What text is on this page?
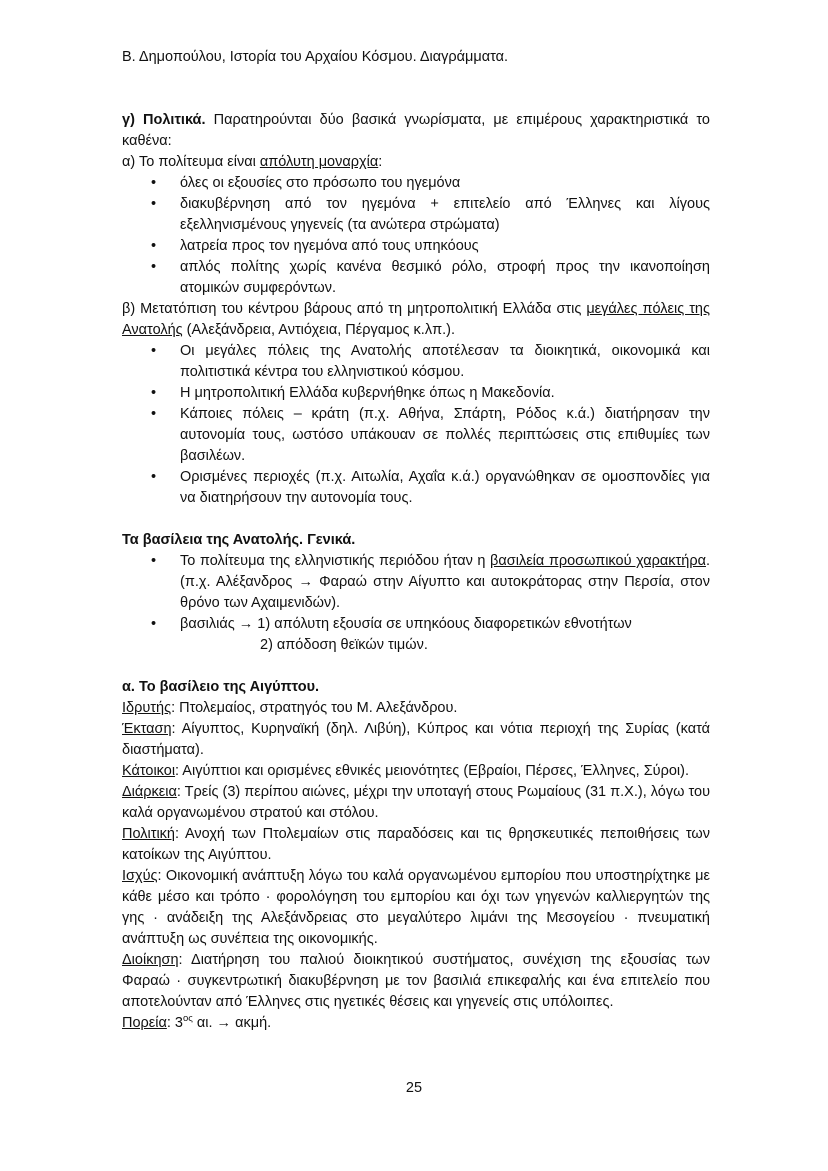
Β. Δημοπούλου, Ιστορία του Αρχαίου Κόσμου. Διαγράμματα.

γ) Πολιτικά. Παρατηρούνται δύο βασικά γνωρίσματα, με επιμέρους χαρακτηριστικά το καθένα:

α) Το πολίτευμα είναι απόλυτη μοναρχία:

• όλες οι εξουσίες στο πρόσωπο του ηγεμόνα
• διακυβέρνηση από τον ηγεμόνα + επιτελείο από Έλληνες και λίγους εξελληνισμένους γηγενείς (τα ανώτερα στρώματα)
• λατρεία προς τον ηγεμόνα από τους υπηκόους
• απλός πολίτης χωρίς κανένα θεσμικό ρόλο, στροφή προς την ικανοποίηση ατομικών συμφερόντων.

β) Μετατόπιση του κέντρου βάρους από τη μητροπολιτική Ελλάδα στις μεγάλες πόλεις της Ανατολής (Αλεξάνδρεια, Αντιόχεια, Πέργαμος κ.λπ.).

• Οι μεγάλες πόλεις της Ανατολής αποτέλεσαν τα διοικητικά, οικονομικά και πολιτιστικά κέντρα του ελληνιστικού κόσμου.
• Η μητροπολιτική Ελλάδα κυβερνήθηκε όπως η Μακεδονία.
• Κάποιες πόλεις – κράτη (π.χ. Αθήνα, Σπάρτη, Ρόδος κ.ά.) διατήρησαν την αυτονομία τους, ωστόσο υπάκουαν σε πολλές περιπτώσεις στις επιθυμίες των βασιλέων.
• Ορισμένες περιοχές (π.χ. Αιτωλία, Αχαΐα κ.ά.) οργανώθηκαν σε ομοσπονδίες για να διατηρήσουν την αυτονομία τους.

Τα βασίλεια της Ανατολής. Γενικά.

• Το πολίτευμα της ελληνιστικής περιόδου ήταν η βασιλεία προσωπικού χαρακτήρα. (π.χ. Αλέξανδρος → Φαραώ στην Αίγυπτο και αυτοκράτορας στην Περσία, στον θρόνο των Αχαιμενιδών).
• βασιλιάς → 1) απόλυτη εξουσία σε υπηκόους διαφορετικών εθνοτήτων
2) απόδοση θεϊκών τιμών.

α. Το βασίλειο της Αιγύπτου.

Ιδρυτής: Πτολεμαίος, στρατηγός του Μ. Αλεξάνδρου.

Έκταση: Αίγυπτος, Κυρηναϊκή (δηλ. Λιβύη), Κύπρος και νότια περιοχή της Συρίας (κατά διαστήματα).

Κάτοικοι: Αιγύπτιοι και ορισμένες εθνικές μειονότητες (Εβραίοι, Πέρσες, Έλληνες, Σύροι).

Διάρκεια: Τρείς (3) περίπου αιώνες, μέχρι την υποταγή στους Ρωμαίους (31 π.Χ.), λόγω του καλά οργανωμένου στρατού και στόλου.

Πολιτική: Ανοχή των Πτολεμαίων στις παραδόσεις και τις θρησκευτικές πεποιθήσεις των κατοίκων της Αιγύπτου.

Ισχύς: Οικονομική ανάπτυξη λόγω του καλά οργανωμένου εμπορίου που υποστηρίχτηκε με κάθε μέσο και τρόπο · φορολόγηση του εμπορίου και όχι των γηγενών καλλιεργητών της γης · ανάδειξη της Αλεξάνδρειας στο μεγαλύτερο λιμάνι της Μεσογείου · πνευματική ανάπτυξη ως συνέπεια της οικονομικής.

Διοίκηση: Διατήρηση του παλιού διοικητικού συστήματος, συνέχιση της εξουσίας των Φαραώ · συγκεντρωτική διακυβέρνηση με τον βασιλιά επικεφαλής και ένα επιτελείο που αποτελούνταν από Έλληνες στις ηγετικές θέσεις και γηγενείς στις υπόλοιπες.

Πορεία: $3^{o\varsigma}$ αι. → ακμή.

25
